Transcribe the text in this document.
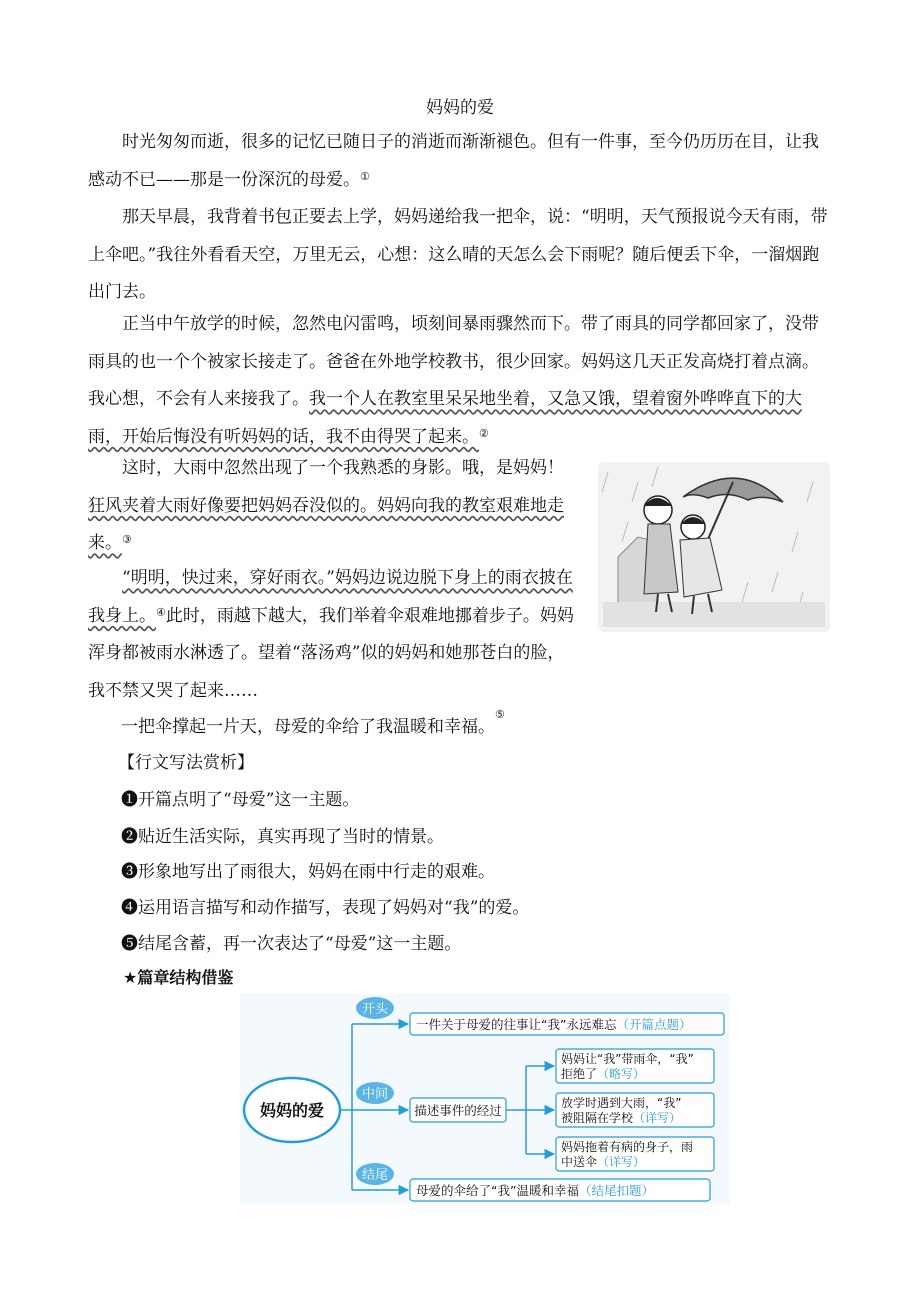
妈妈的爱
时光匆匆而逝，很多的记忆已随日子的消逝而渐渐褪色。但有一件事，至今仍历历在目，让我感动不已——那是一份深沉的母爱。①
那天早晨，我背着书包正要去上学，妈妈递给我一把伞，说：“明明，天气预报说今天有雨，带上伞吧。”我往外看看天空，万里无云，心想：这么晴的天怎么会下雨呢？随后便丢下伞，一溜烟跑出门去。
正当中午放学的时候，忽然电闪雷鸣，顷刻间暴雨骤然而下。带了雨具的同学都回家了，没带雨具的也一个个被家长接走了。爸爸在外地学校教书，很少回家。妈妈这几天正发高烧打着点滴。我心想，不会有人来接我了。我一个人在教室里呆呆地坐着，又急又饿，望着窗外哗哗直下的大雨，开始后悔没有听妈妈的话，我不由得哭了起来。②
这时，大雨中忽然出现了一个我熟悉的身影。哦，是妈妈！狂风夹着大雨好像要把妈妈吞没似的。妈妈向我的教室艰难地走来。③
“明明，快过来，穿好雨衣。”妈妈边说边脱下身上的雨衣披在我身上。④此时，雨越下越大，我们举着伞艰难地挪着步子。妈妈浑身都被雨水淋透了。望着“落汤鸡”似的妈妈和她那苍白的脸，我不禁又哭了起来……
一把伞撑起一片天，母爱的伞给了我温暖和幸福。⑤
【行文写法赏析】
❶开篇点明了“母爱”这一主题。
❷贴近生活实际，真实再现了当时的情景。
❸形象地写出了雨很大，妈妈在雨中行走的艰难。
❹运用语言描写和动作描写，表现了妈妈对“我”的爱。
❺结尾含蓄，再一次表达了“母爱”这一主题。
★篇章结构借鉴
妈妈的爱
开头
中间
结尾
一件关于母爱的往事让“我”永远难忘（开篇点题）
描述事件的经过
妈妈让“我”带雨伞，“我”
拒绝了（略写）
放学时遇到大雨，“我”
被阻隔在学校（详写）
妈妈拖着有病的身子，雨
中送伞（详写）
母爱的伞给了“我”温暖和幸福（结尾扣题）
